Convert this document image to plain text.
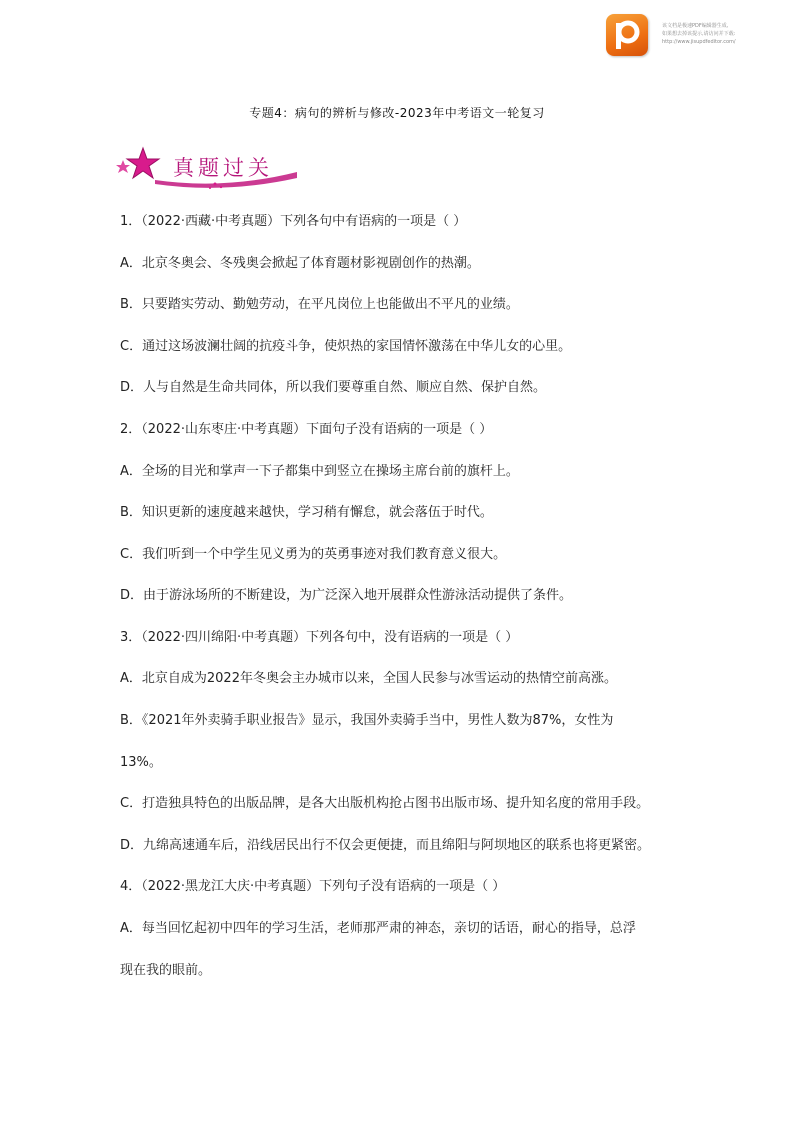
该文档是极速PDF编辑器生成,
如果想去掉该提示,请访问并下载:
http://www.jisupdfeditor.com/
专题4：病句的辨析与修改-2023年中考语文一轮复习
真题过关
1．（2022·西藏·中考真题）下列各句中有语病的一项是（ ）
A．北京冬奥会、冬残奥会掀起了体育题材影视剧创作的热潮。
B．只要踏实劳动、勤勉劳动，在平凡岗位上也能做出不平凡的业绩。
C．通过这场波澜壮阔的抗疫斗争，使炽热的家国情怀激荡在中华儿女的心里。
D．人与自然是生命共同体，所以我们要尊重自然、顺应自然、保护自然。
2．（2022·山东枣庄·中考真题）下面句子没有语病的一项是（ ）
A．全场的目光和掌声一下子都集中到竖立在操场主席台前的旗杆上。
B．知识更新的速度越来越快，学习稍有懈怠，就会落伍于时代。
C．我们听到一个中学生见义勇为的英勇事迹对我们教育意义很大。
D．由于游泳场所的不断建设，为广泛深入地开展群众性游泳活动提供了条件。
3．（2022·四川绵阳·中考真题）下列各句中，没有语病的一项是（ ）
A．北京自成为2022年冬奥会主办城市以来，全国人民参与冰雪运动的热情空前高涨。
B．《2021年外卖骑手职业报告》显示，我国外卖骑手当中，男性人数为87%，女性为
13%。
C．打造独具特色的出版品牌，是各大出版机构抢占图书出版市场、提升知名度的常用手段。
D．九绵高速通车后，沿线居民出行不仅会更便捷，而且绵阳与阿坝地区的联系也将更紧密。
4．（2022·黑龙江大庆·中考真题）下列句子没有语病的一项是（ ）
A．每当回忆起初中四年的学习生活，老师那严肃的神态，亲切的话语，耐心的指导，总浮
现在我的眼前。
